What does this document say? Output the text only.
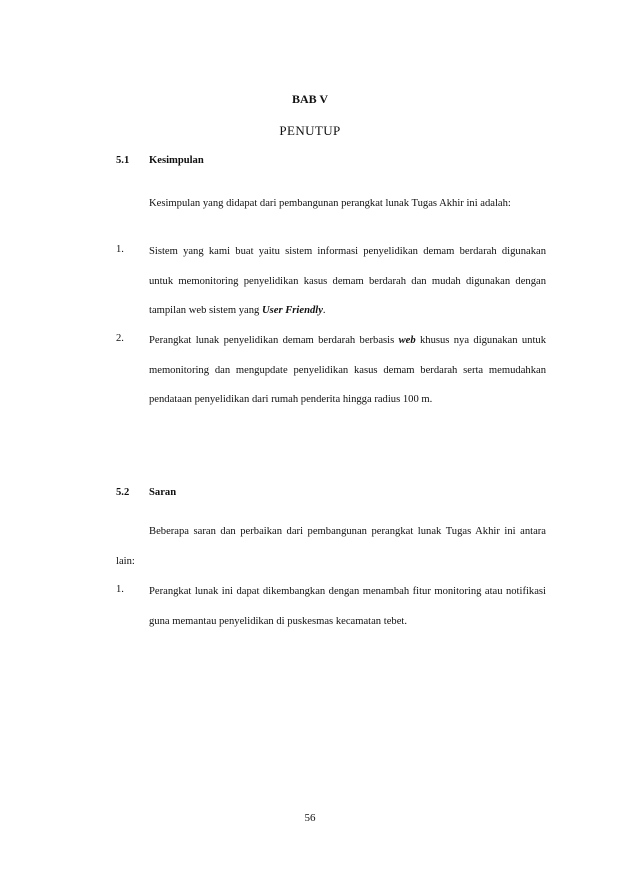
BAB V
PENUTUP
5.1 Kesimpulan
Kesimpulan yang didapat dari pembangunan perangkat lunak Tugas Akhir ini adalah:
1. Sistem yang kami buat yaitu sistem informasi penyelidikan demam berdarah digunakan untuk memonitoring penyelidikan kasus demam berdarah dan mudah digunakan dengan tampilan web sistem yang User Friendly.
2. Perangkat lunak penyelidikan demam berdarah berbasis web khusus nya digunakan untuk memonitoring dan mengupdate penyelidikan kasus demam berdarah serta memudahkan pendataan penyelidikan dari rumah penderita hingga radius 100 m.
5.2 Saran
Beberapa saran dan perbaikan dari pembangunan perangkat lunak Tugas Akhir ini antara lain:
1. Perangkat lunak ini dapat dikembangkan dengan menambah fitur monitoring atau notifikasi guna memantau penyelidikan di puskesmas kecamatan tebet.
56
